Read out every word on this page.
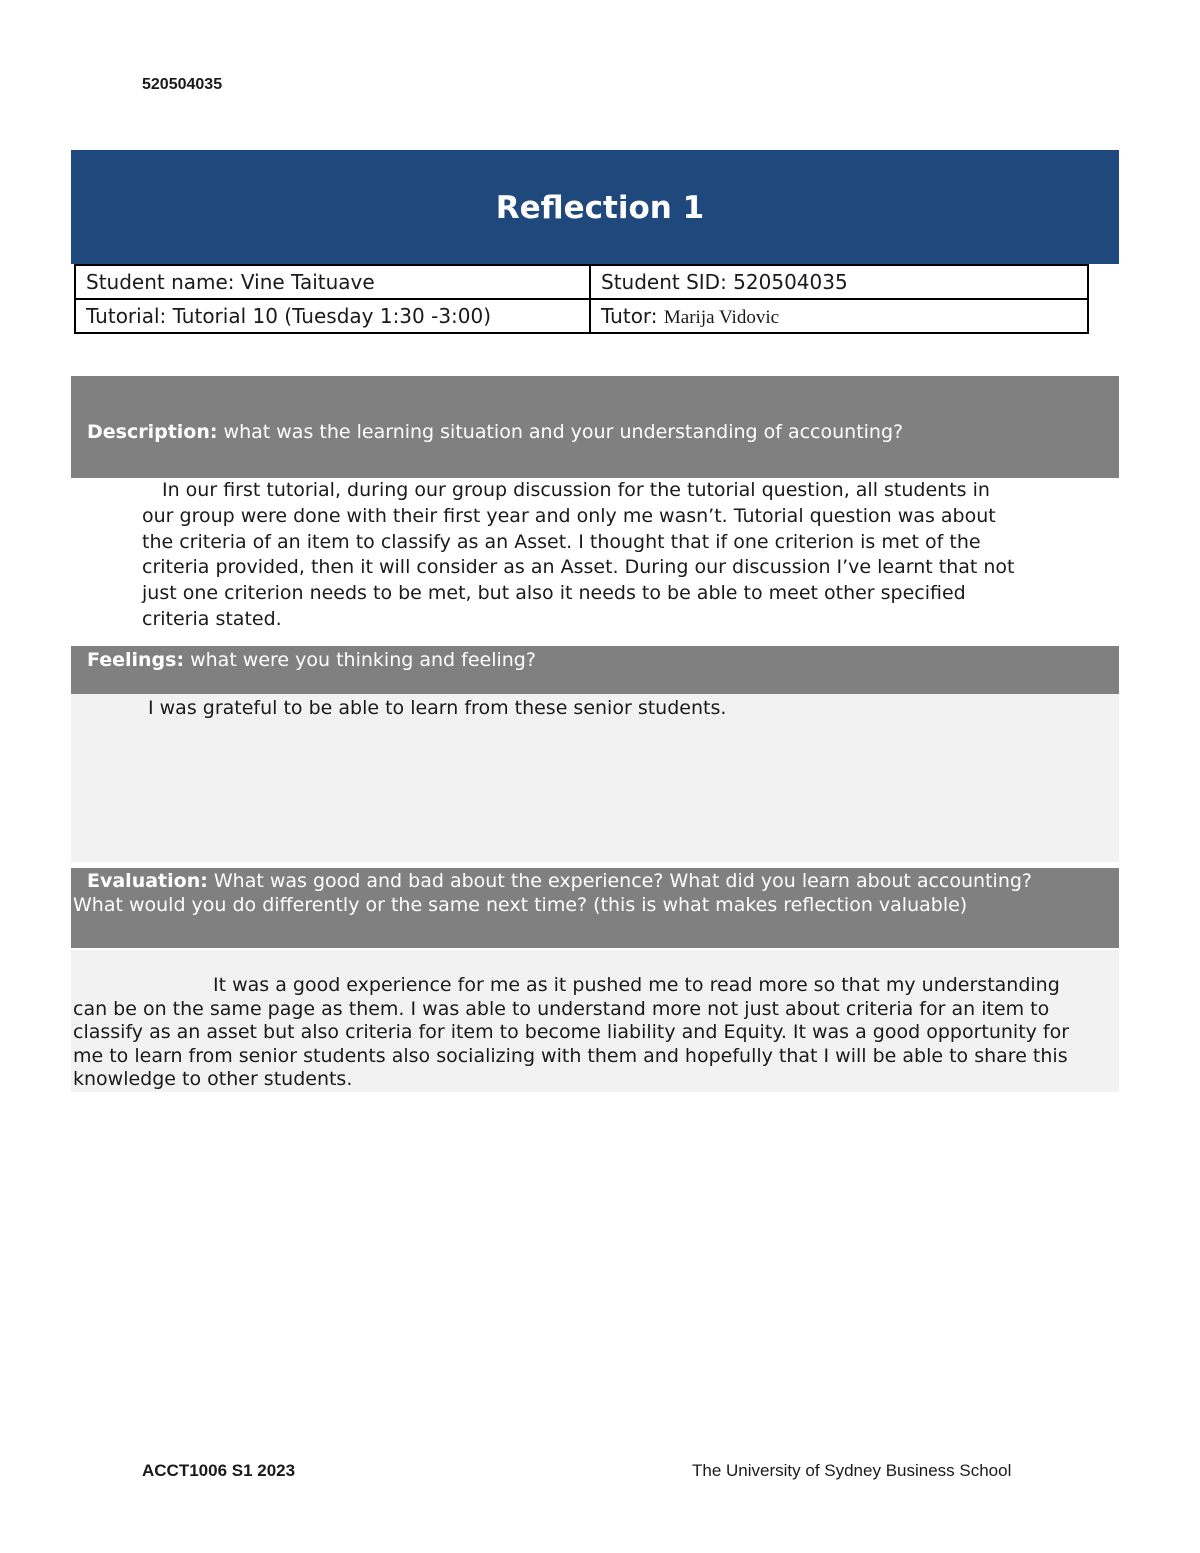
520504035
Reflection 1
Student name: Vine Taituave	Student SID: 520504035
Tutorial: Tutorial 10 (Tuesday 1:30 -3:00)	Tutor: Marija Vidovic
Description: what was the learning situation and your understanding of accounting?
In our first tutorial, during our group discussion for the tutorial question, all students in
our group were done with their first year and only me wasn’t. Tutorial question was about
the criteria of an item to classify as an Asset. I thought that if one criterion is met of the
criteria provided, then it will consider as an Asset. During our discussion I’ve learnt that not
just one criterion needs to be met, but also it needs to be able to meet other specified
criteria stated.
Feelings: what were you thinking and feeling?
I was grateful to be able to learn from these senior students.
Evaluation: What was good and bad about the experience? What did you learn about accounting?
What would you do differently or the same next time? (this is what makes reflection valuable)
It was a good experience for me as it pushed me to read more so that my understanding
can be on the same page as them. I was able to understand more not just about criteria for an item to
classify as an asset but also criteria for item to become liability and Equity. It was a good opportunity for
me to learn from senior students also socializing with them and hopefully that I will be able to share this
knowledge to other students.
ACCT1006 S1 2023	The University of Sydney Business School
